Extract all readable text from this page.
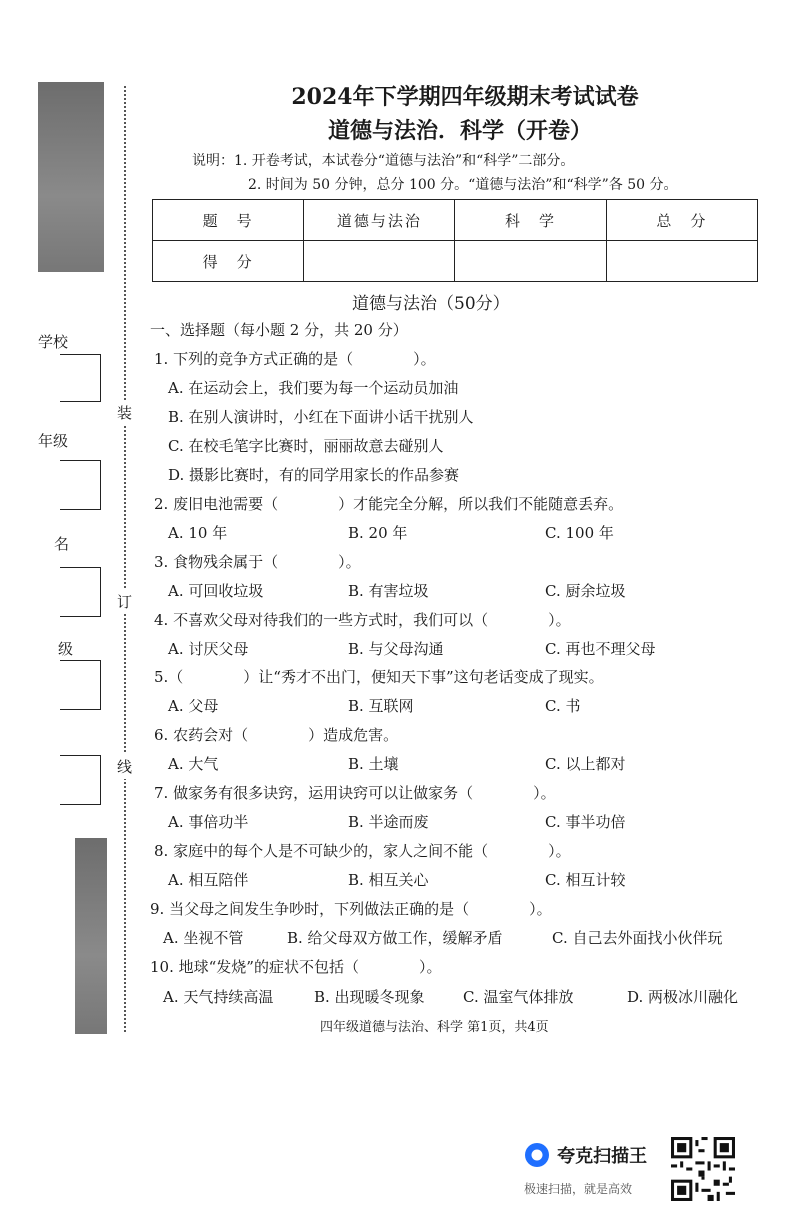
装
订
线
学校
年级
名
级
2024年下学期四年级期末考试试卷
道德与法治．科学（开卷）
说明：1. 开卷考试，本试卷分“道德与法治”和“科学”二部分。
2. 时间为 50 分钟，总分 100 分。“道德与法治”和“科学”各 50 分。
题　号	道德与法治	科　学	总　分
得　分			
道德与法治（50分）
一、选择题（每小题 2 分，共 20 分）
1. 下列的竞争方式正确的是（　　　　）。
A. 在运动会上，我们要为每一个运动员加油
B. 在别人演讲时，小红在下面讲小话干扰别人
C. 在校毛笔字比赛时，丽丽故意去碰别人
D. 摄影比赛时，有的同学用家长的作品参赛
2. 废旧电池需要（　　　　）才能完全分解，所以我们不能随意丢弃。
A. 10 年	B. 20 年	C. 100 年
3. 食物残余属于（　　　　）。
A. 可回收垃圾	B. 有害垃圾	C. 厨余垃圾
4. 不喜欢父母对待我们的一些方式时，我们可以（　　　　）。
A. 讨厌父母	B. 与父母沟通	C. 再也不理父母
5.（　　　　）让“秀才不出门，便知天下事”这句老话变成了现实。
A. 父母	B. 互联网	C. 书
6. 农药会对（　　　　）造成危害。
A. 大气	B. 土壤	C. 以上都对
7. 做家务有很多诀窍，运用诀窍可以让做家务（　　　　）。
A. 事倍功半	B. 半途而废	C. 事半功倍
8. 家庭中的每个人是不可缺少的，家人之间不能（　　　　）。
A. 相互陪伴	B. 相互关心	C. 相互计较
9. 当父母之间发生争吵时，下列做法正确的是（　　　　）。
A. 坐视不管	B. 给父母双方做工作，缓解矛盾	C. 自己去外面找小伙伴玩
10. 地球“发烧”的症状不包括（　　　　）。
A. 天气持续高温	B. 出现暖冬现象	C. 温室气体排放	D. 两极冰川融化
四年级道德与法治、科学 第1页，共4页
夸克扫描王
极速扫描，就是高效
